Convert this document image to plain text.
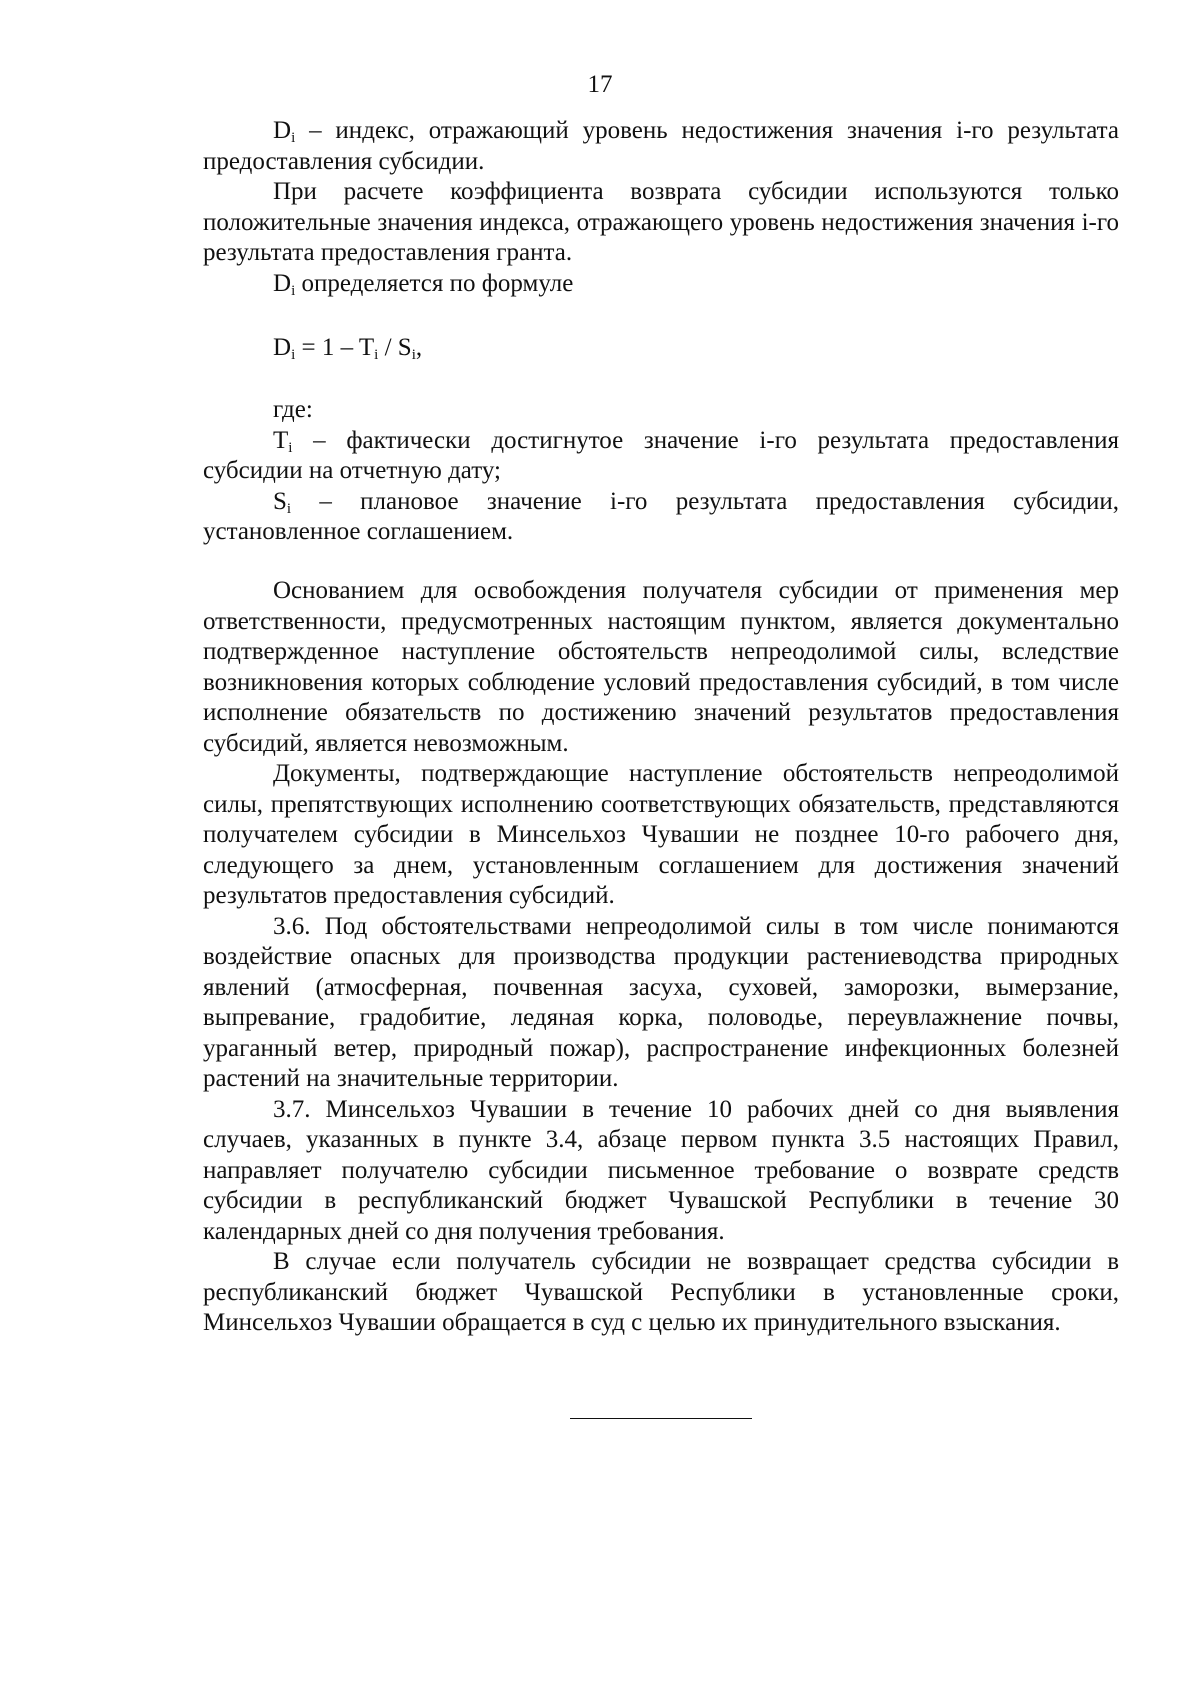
17

$D_i$ – индекс, отражающий уровень недостижения значения i-го результата предоставления субсидии.

При расчете коэффициента возврата субсидии используются только положительные значения индекса, отражающего уровень недостижения значения i-го результата предоставления гранта.

$D_i$ определяется по формуле

$D_i = 1 - T_i / S_i$,

где:

$T_i$ – фактически достигнутое значение i-го результата предоставления субсидии на отчетную дату;

$S_i$ – плановое значение i-го результата предоставления субсидии, установленное соглашением.

Основанием для освобождения получателя субсидии от применения мер ответственности, предусмотренных настоящим пунктом, является документально подтвержденное наступление обстоятельств непреодолимой силы, вследствие возникновения которых соблюдение условий предоставления субсидий, в том числе исполнение обязательств по достижению значений результатов предоставления субсидий, является невозможным.

Документы, подтверждающие наступление обстоятельств непреодолимой силы, препятствующих исполнению соответствующих обязательств, представляются получателем субсидии в Минсельхоз Чувашии не позднее 10-го рабочего дня, следующего за днем, установленным соглашением для достижения значений результатов предоставления субсидий.

3.6. Под обстоятельствами непреодолимой силы в том числе понимаются воздействие опасных для производства продукции растениеводства природных явлений (атмосферная, почвенная засуха, суховей, заморозки, вымерзание, выпревание, градобитие, ледяная корка, половодье, переувлажнение почвы, ураганный ветер, природный пожар), распространение инфекционных болезней растений на значительные территории.

3.7. Минсельхоз Чувашии в течение 10 рабочих дней со дня выявления случаев, указанных в пункте 3.4, абзаце первом пункта 3.5 настоящих Правил, направляет получателю субсидии письменное требование о возврате средств субсидии в республиканский бюджет Чувашской Республики в течение 30 календарных дней со дня получения требования.

В случае если получатель субсидии не возвращает средства субсидии в республиканский бюджет Чувашской Республики в установленные сроки, Минсельхоз Чувашии обращается в суд с целью их принудительного взыскания.
